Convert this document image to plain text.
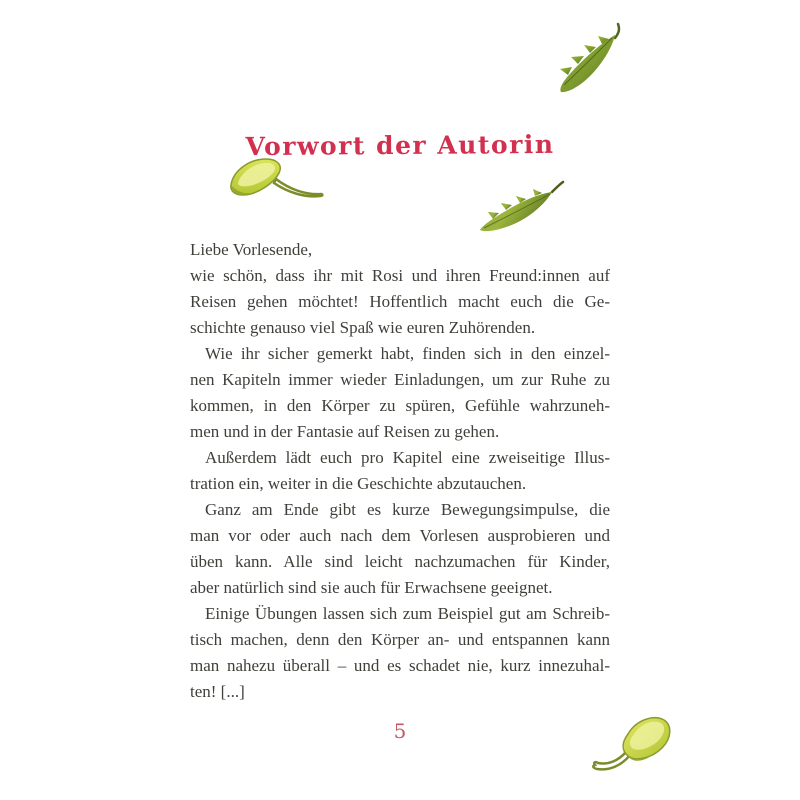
Vorwort der Autorin
Liebe Vorlesende,
wie schön, dass ihr mit Rosi und ihren Freund:innen auf
Reisen gehen möchtet! Hoffentlich macht euch die Ge-
schichte genauso viel Spaß wie euren Zuhörenden.
Wie ihr sicher gemerkt habt, finden sich in den einzel-
nen Kapiteln immer wieder Einladungen, um zur Ruhe zu
kommen, in den Körper zu spüren, Gefühle wahrzuneh-
men und in der Fantasie auf Reisen zu gehen.
Außerdem lädt euch pro Kapitel eine zweiseitige Illus-
tration ein, weiter in die Geschichte abzutauchen.
Ganz am Ende gibt es kurze Bewegungsimpulse, die
man vor oder auch nach dem Vorlesen ausprobieren und
üben kann. Alle sind leicht nachzumachen für Kinder,
aber natürlich sind sie auch für Erwachsene geeignet.
Einige Übungen lassen sich zum Beispiel gut am Schreib-
tisch machen, denn den Körper an- und entspannen kann
man nahezu überall – und es schadet nie, kurz innezuhal-
ten! [...]
5
